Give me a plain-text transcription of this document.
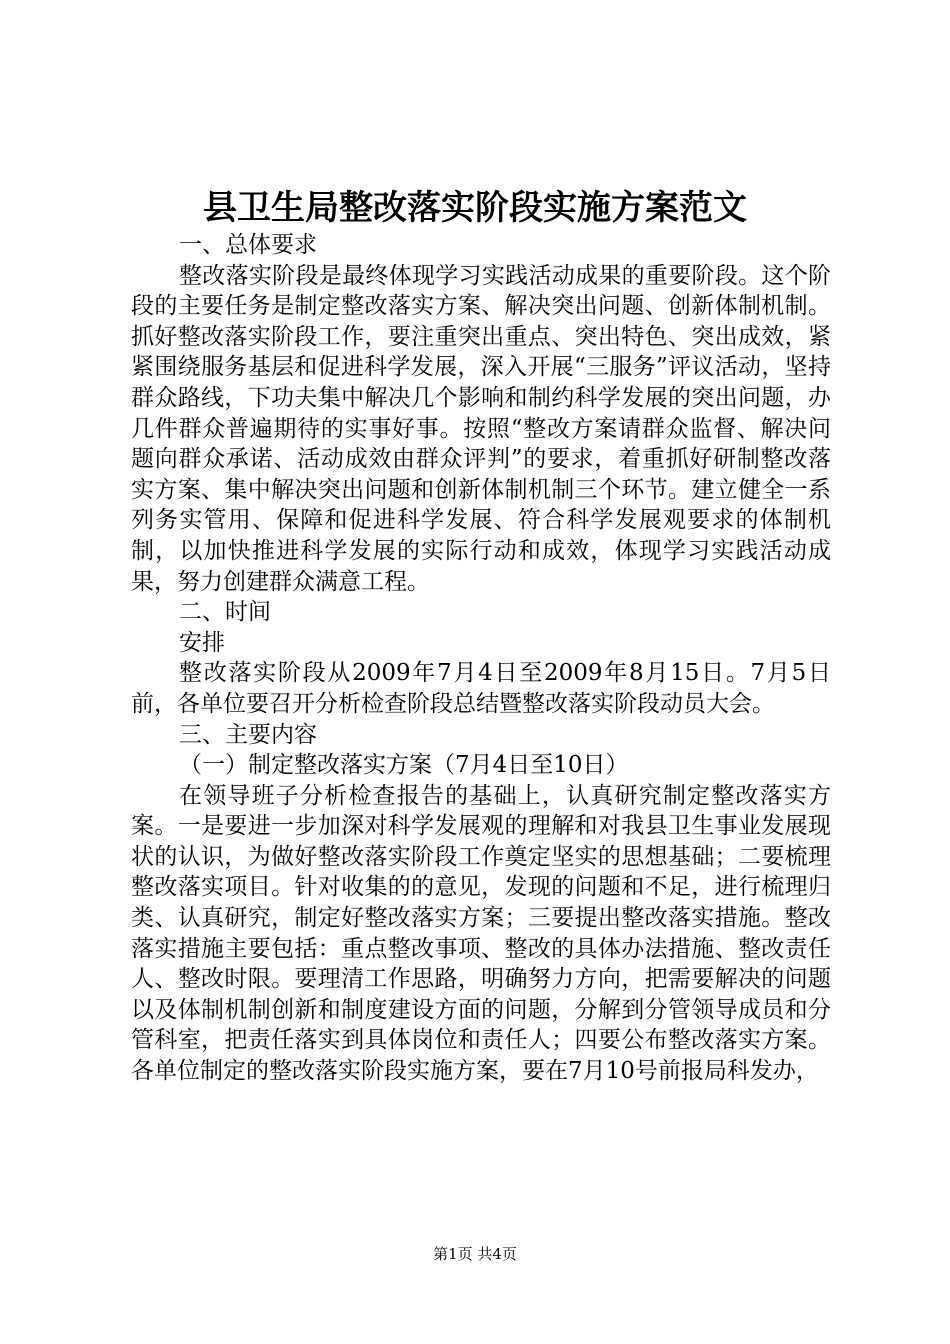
县卫生局整改落实阶段实施方案范文

一、总体要求

整改落实阶段是最终体现学习实践活动成果的重要阶段。这个阶段的主要任务是制定整改落实方案、解决突出问题、创新体制机制。抓好整改落实阶段工作，要注重突出重点、突出特色、突出成效，紧紧围绕服务基层和促进科学发展，深入开展“三服务”评议活动，坚持群众路线，下功夫集中解决几个影响和制约科学发展的突出问题，办几件群众普遍期待的实事好事。按照“整改方案请群众监督、解决问题向群众承诺、活动成效由群众评判”的要求，着重抓好研制整改落实方案、集中解决突出问题和创新体制机制三个环节。建立健全一系列务实管用、保障和促进科学发展、符合科学发展观要求的体制机制，以加快推进科学发展的实际行动和成效，体现学习实践活动成果，努力创建群众满意工程。

二、时间

安排

整改落实阶段从2009年7月4日至2009年8月15日。7月5日前，各单位要召开分析检查阶段总结暨整改落实阶段动员大会。

三、主要内容

（一）制定整改落实方案（7月4日至10日）

在领导班子分析检查报告的基础上，认真研究制定整改落实方案。一是要进一步加深对科学发展观的理解和对我县卫生事业发展现状的认识，为做好整改落实阶段工作奠定坚实的思想基础；二要梳理整改落实项目。针对收集的的意见，发现的问题和不足，进行梳理归类、认真研究，制定好整改落实方案；三要提出整改落实措施。整改落实措施主要包括：重点整改事项、整改的具体办法措施、整改责任人、整改时限。要理清工作思路，明确努力方向，把需要解决的问题以及体制机制创新和制度建设方面的问题，分解到分管领导成员和分管科室，把责任落实到具体岗位和责任人；四要公布整改落实方案。各单位制定的整改落实阶段实施方案，要在7月10号前报局科发办，

第1页 共4页
